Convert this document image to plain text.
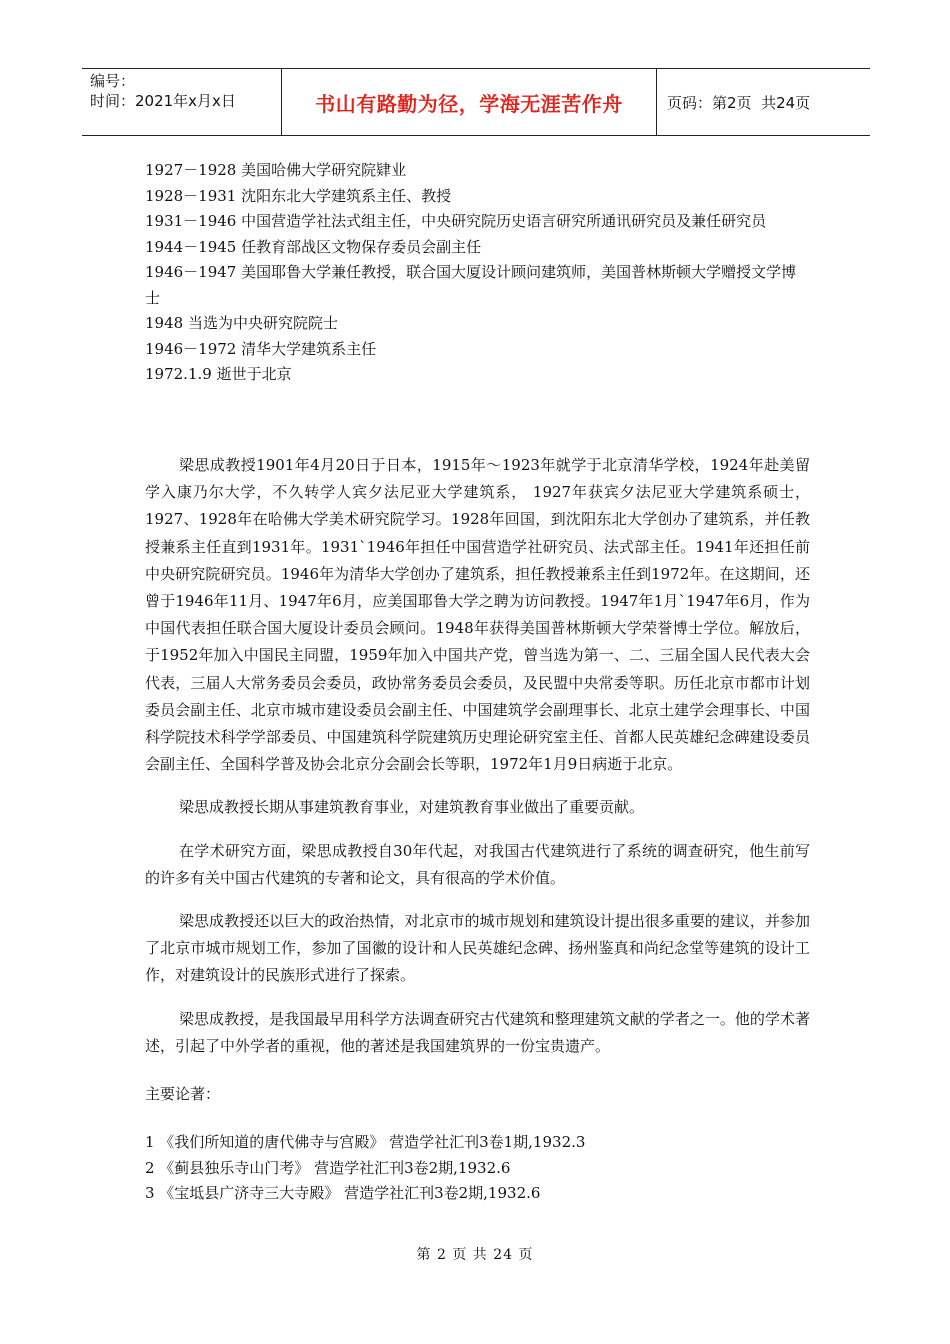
编号：
时间：2021年x月x日	书山有路勤为径，学海无涯苦作舟	页码：第2页  共24页
1927－1928 美国哈佛大学研究院肄业
1928－1931 沈阳东北大学建筑系主任、教授
1931－1946 中国营造学社法式组主任，中央研究院历史语言研究所通讯研究员及兼任研究员
1944－1945 任教育部战区文物保存委员会副主任
1946－1947 美国耶鲁大学兼任教授，联合国大厦设计顾问建筑师，美国普林斯顿大学赠授文学博士
1948 当选为中央研究院院士
1946－1972 清华大学建筑系主任
1972.1.9 逝世于北京

梁思成教授1901年4月20日于日本，1915年～1923年就学于北京清华学校，1924年赴美留学入康乃尔大学，不久转学人宾夕法尼亚大学建筑系， 1927年获宾夕法尼亚大学建筑系硕士，1927、1928年在哈佛大学美术研究院学习。1928年回国，到沈阳东北大学创办了建筑系，并任教授兼系主任直到1931年。1931`1946年担任中国营造学社研究员、法式部主任。1941年还担任前中央研究院研究员。1946年为清华大学创办了建筑系，担任教授兼系主任到1972年。在这期间，还曾于1946年11月、1947年6月，应美国耶鲁大学之聘为访问教授。1947年1月`1947年6月，作为中国代表担任联合国大厦设计委员会顾问。1948年获得美国普林斯顿大学荣誉博士学位。解放后，于1952年加入中国民主同盟，1959年加入中国共产党，曾当选为第一、二、三届全国人民代表大会代表，三届人大常务委员会委员，政协常务委员会委员，及民盟中央常委等职。历任北京市都市计划委员会副主任、北京市城市建设委员会副主任、中国建筑学会副理事长、北京土建学会理事长、中国科学院技术科学学部委员、中国建筑科学院建筑历史理论研究室主任、首都人民英雄纪念碑建设委员会副主任、全国科学普及协会北京分会副会长等职，1972年1月9日病逝于北京。

梁思成教授长期从事建筑教育事业，对建筑教育事业做出了重要贡献。

在学术研究方面，梁思成教授自30年代起，对我国古代建筑进行了系统的调查研究，他生前写的许多有关中国古代建筑的专著和论文，具有很高的学术价值。

梁思成教授还以巨大的政治热情，对北京市的城市规划和建筑设计提出很多重要的建议，并参加了北京市城市规划工作，参加了国徽的设计和人民英雄纪念碑、扬州鉴真和尚纪念堂等建筑的设计工作，对建筑设计的民族形式进行了探索。

梁思成教授，是我国最早用科学方法调查研究古代建筑和整理建筑文献的学者之一。他的学术著述，引起了中外学者的重视，他的著述是我国建筑界的一份宝贵遗产。

主要论著：
1 《我们所知道的唐代佛寺与宫殿》 营造学社汇刊3卷1期,1932.3
2 《蓟县独乐寺山门考》 营造学社汇刊3卷2期,1932.6
3 《宝坻县广济寺三大寺殿》 营造学社汇刊3卷2期,1932.6
第 2 页 共 24 页
